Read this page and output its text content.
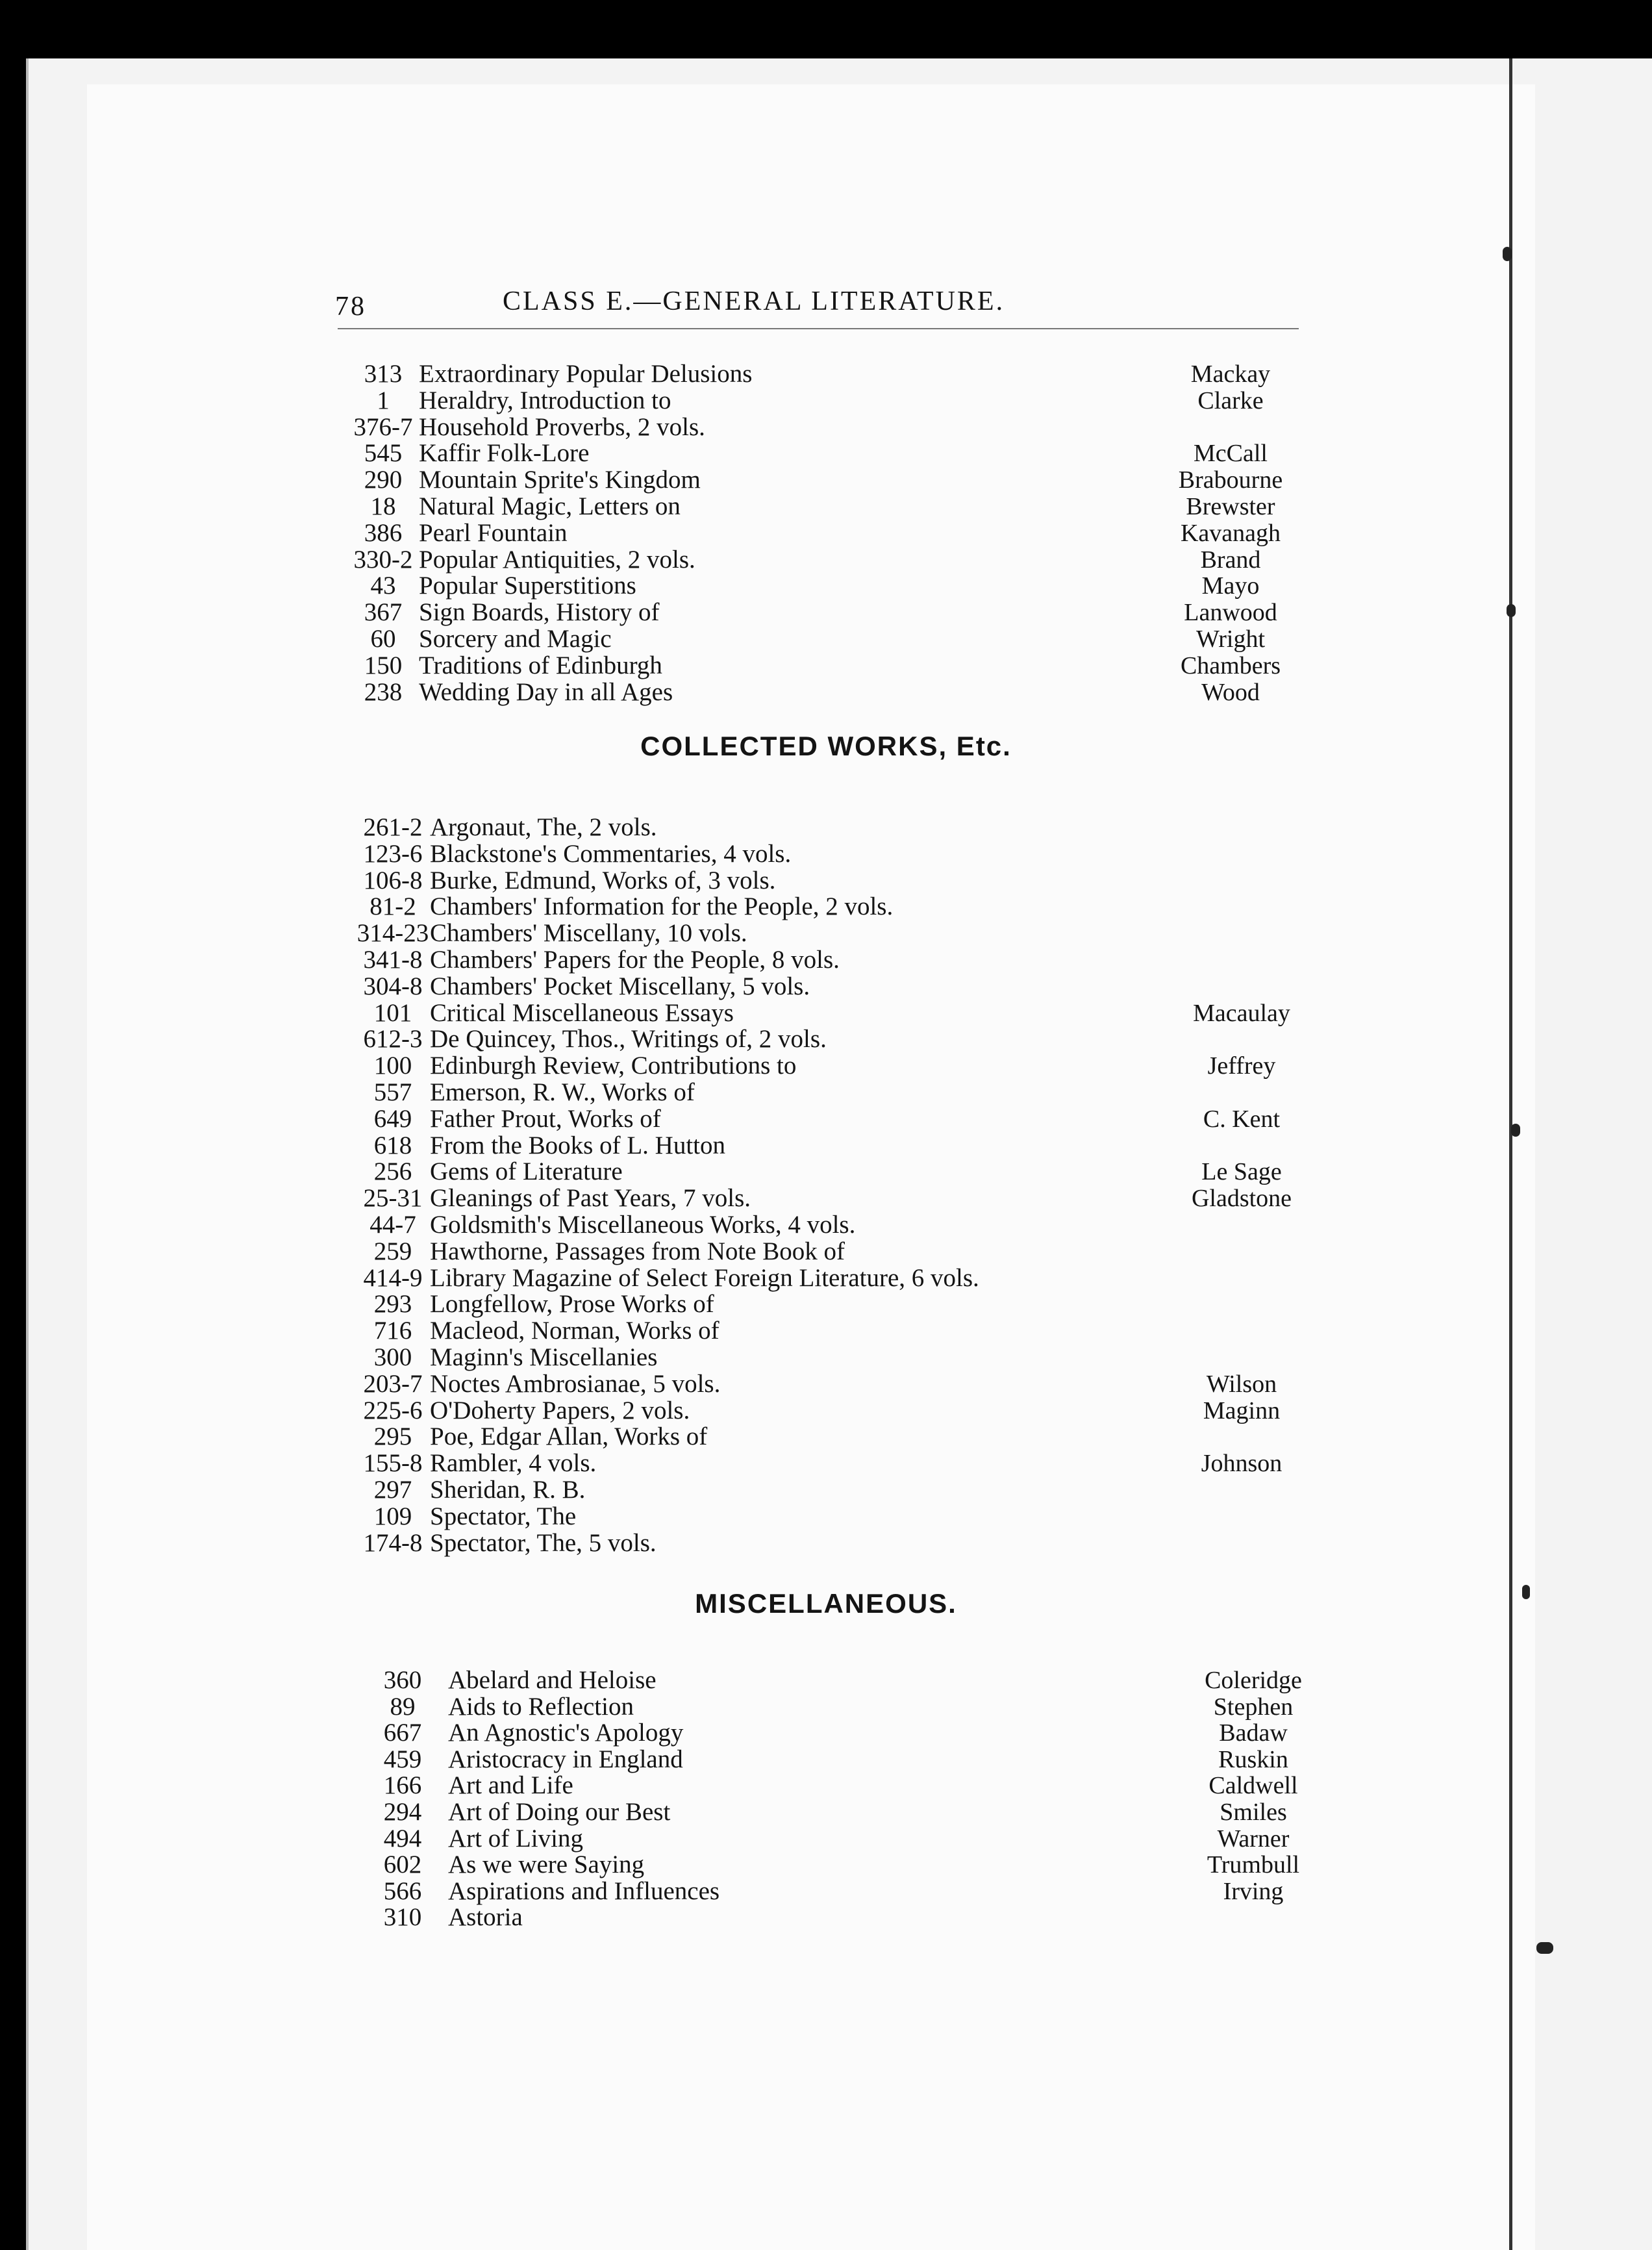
78	CLASS E.—GENERAL LITERATURE.
313 Extraordinary Popular Delusions	Mackay
1	Heraldry, Introduction to	Clarke
376-7 Household Proverbs, 2 vols.
545 Kaffir Folk-Lore	McCall
290 Mountain Sprite's Kingdom	Brabourne
18 Natural Magic, Letters on	Brewster
386 Pearl Fountain	Kavanagh
330-2 Popular Antiquities, 2 vols.	Brand
43 Popular Superstitions	Mayo
367 Sign Boards, History of	Lanwood
60 Sorcery and Magic	Wright
150 Traditions of Edinburgh	Chambers
238 Wedding Day in all Ages	Wood
COLLECTED WORKS, Etc.
261-2 Argonaut, The, 2 vols.
123-6 Blackstone's Commentaries, 4 vols.
106-8 Burke, Edmund, Works of, 3 vols.
81-2 Chambers' Information for the People, 2 vols.
314-23 Chambers' Miscellany, 10 vols.
341-8 Chambers' Papers for the People, 8 vols.
304-8 Chambers' Pocket Miscellany, 5 vols.
101 Critical Miscellaneous Essays	Macaulay
612-3 De Quincey, Thos., Writings of, 2 vols.
100 Edinburgh Review, Contributions to	Jeffrey
557 Emerson, R. W., Works of
649 Father Prout, Works of	C. Kent
618 From the Books of L. Hutton
256 Gems of Literature	Le Sage
25-31 Gleanings of Past Years, 7 vols.	Gladstone
44-7 Goldsmith's Miscellaneous Works, 4 vols.
259 Hawthorne, Passages from Note Book of
414-9 Library Magazine of Select Foreign Literature, 6 vols.
293 Longfellow, Prose Works of
716 Macleod, Norman, Works of
300 Maginn's Miscellanies
203-7 Noctes Ambrosianae, 5 vols.	Wilson
225-6 O'Doherty Papers, 2 vols.	Maginn
295 Poe, Edgar Allan, Works of
155-8 Rambler, 4 vols.	Johnson
297 Sheridan, R. B.
109 Spectator, The
174-8 Spectator, The, 5 vols.
MISCELLANEOUS.
360	Abelard and Heloise	Coleridge
89	Aids to Reflection	Stephen
667	An Agnostic's Apology	Badaw
459	Aristocracy in England	Ruskin
166	Art and Life	Caldwell
294	Art of Doing our Best	Smiles
494	Art of Living	Warner
602	As we were Saying	Trumbull
566	Aspirations and Influences	Irving
310	Astoria
